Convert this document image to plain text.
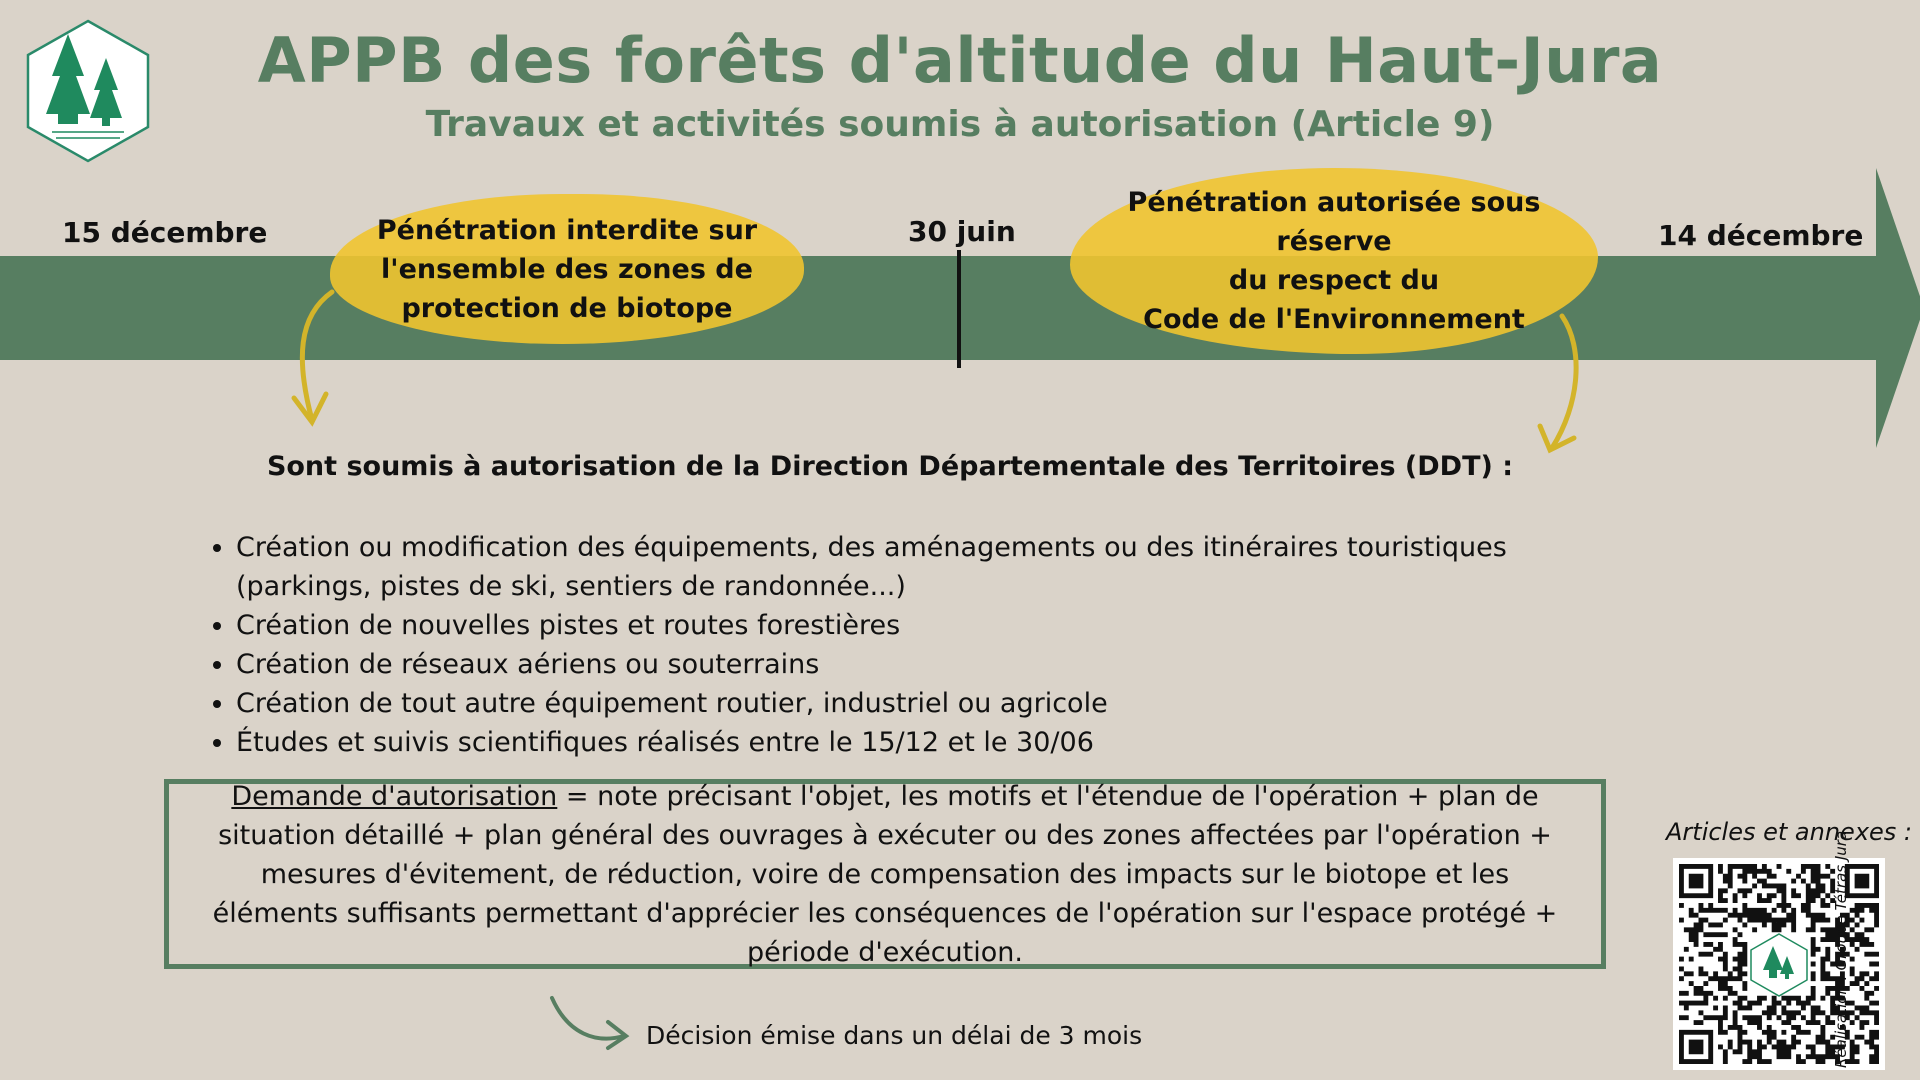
APPB des forêts d'altitude du Haut-Jura
Travaux et activités soumis à autorisation (Article 9)
15 décembre	30 juin	14 décembre
Pénétration interdite sur
l'ensemble des zones de
protection de biotope
Pénétration autorisée sous réserve
du respect du
Code de l'Environnement
Sont soumis à autorisation de la Direction Départementale des Territoires (DDT) :
• Création ou modification des équipements, des aménagements ou des itinéraires touristiques (parkings, pistes de ski, sentiers de randonnée...)
• Création de nouvelles pistes et routes forestières
• Création de réseaux aériens ou souterrains
• Création de tout autre équipement routier, industriel ou agricole
• Études et suivis scientifiques réalisés entre le 15/12 et le 30/06
Demande d'autorisation = note précisant l'objet, les motifs et l'étendue de l'opération + plan de situation détaillé + plan général des ouvrages à exécuter ou des zones affectées par l'opération + mesures d'évitement, de réduction, voire de compensation des impacts sur le biotope et les éléments suffisants permettant d'apprécier les conséquences de l'opération sur l'espace protégé + période d'exécution.
Décision émise dans un délai de 3 mois
Articles et annexes :
Réalisation : Groupe Tétras Jura
